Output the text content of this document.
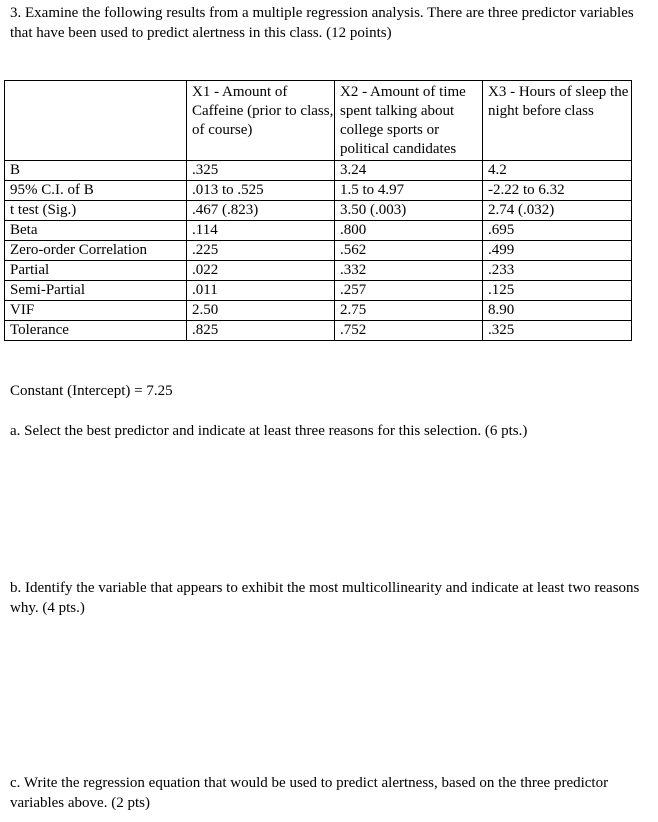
3. Examine the following results from a multiple regression analysis. There are three predictor variables that have been used to predict alertness in this class. (12 points)

	X1 - Amount of Caffeine (prior to class, of course)	X2 - Amount of time spent talking about college sports or political candidates	X3 - Hours of sleep the night before class
B	.325	3.24	4.2
95% C.I. of B	.013 to .525	1.5 to 4.97	-2.22 to 6.32
t test (Sig.)	.467 (.823)	3.50 (.003)	2.74 (.032)
Beta	.114	.800	.695
Zero-order Correlation	.225	.562	.499
Partial	.022	.332	.233
Semi-Partial	.011	.257	.125
VIF	2.50	2.75	8.90
Tolerance	.825	.752	.325

Constant (Intercept) = 7.25

a. Select the best predictor and indicate at least three reasons for this selection. (6 pts.)

b. Identify the variable that appears to exhibit the most multicollinearity and indicate at least two reasons why. (4 pts.)

c. Write the regression equation that would be used to predict alertness, based on the three predictor variables above. (2 pts)
